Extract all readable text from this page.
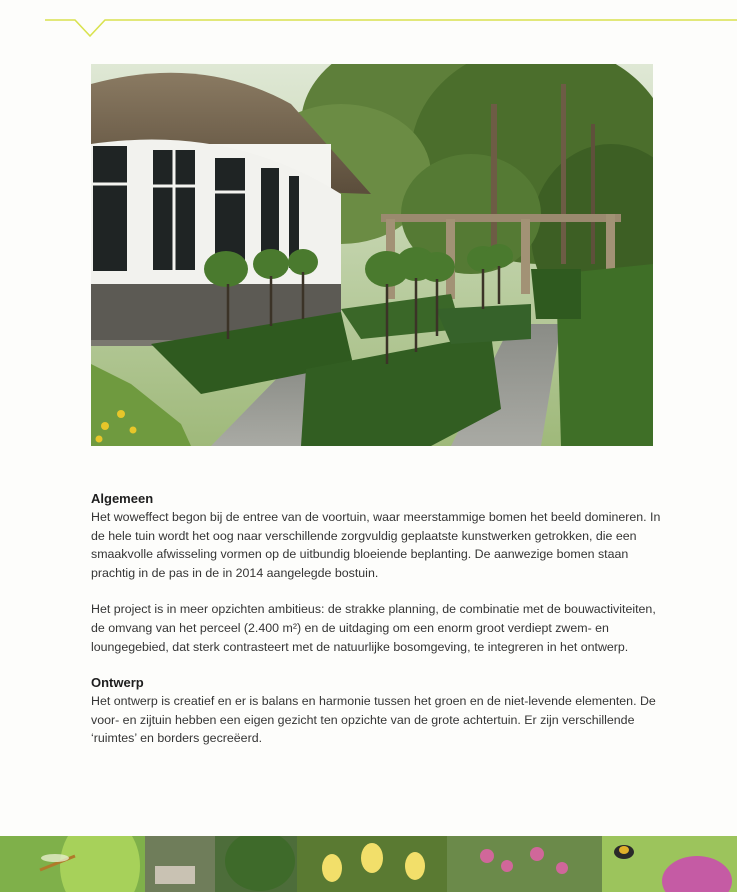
Algemeen

Het woweffect begon bij de entree van de voortuin, waar meerstammige bomen het beeld domineren. In de hele tuin wordt het oog naar verschillende zorgvuldig geplaatste kunstwerken getrokken, die een smaakvolle afwisseling vormen op de uitbundig bloeiende beplanting. De aanwezige bomen staan prachtig in de pas in de in 2014 aangelegde bostuin.

Het project is in meer opzichten ambitieus: de strakke planning, de combinatie met de bouwactiviteiten, de omvang van het perceel (2.400 m²) en de uitdaging om een enorm groot verdiept zwem- en loungegebied, dat sterk contrasteert met de natuurlijke bosomgeving, te integreren in het ontwerp.

Ontwerp

Het ontwerp is creatief en er is balans en harmonie tussen het groen en de niet-levende elementen. De voor- en zijtuin hebben een eigen gezicht ten opzichte van de grote achtertuin. Er zijn verschillende ‘ruimtes’ en borders gecreëerd.
